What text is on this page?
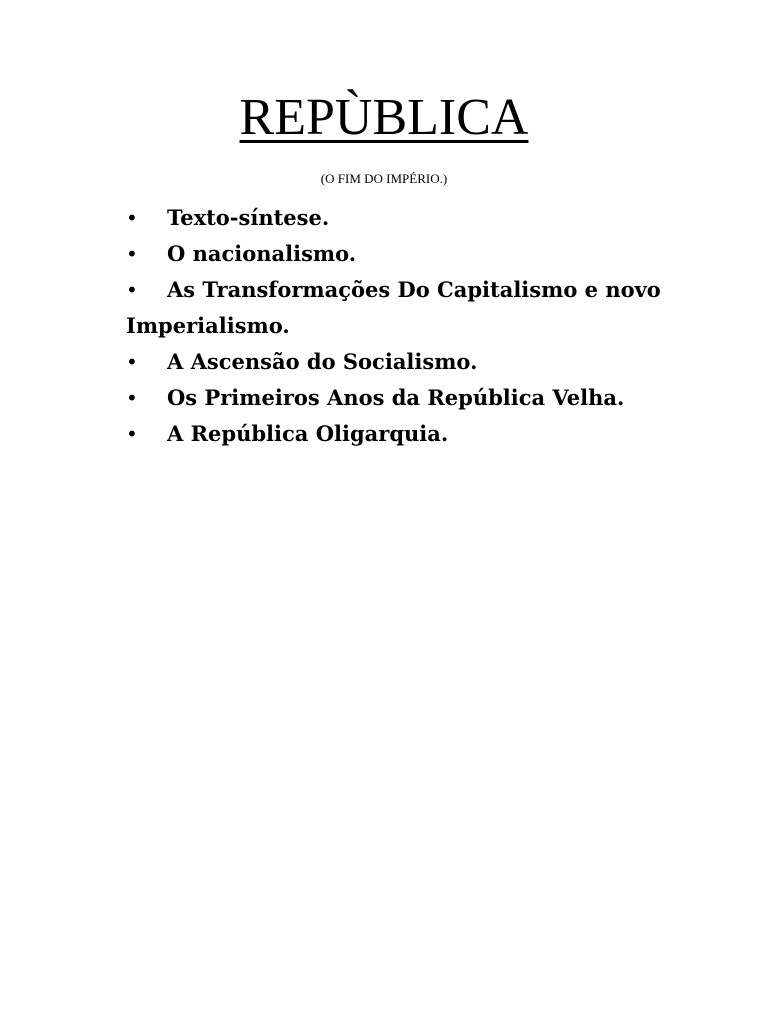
REPÙBLICA

(O FIM DO IMPÉRIO.)

•	Texto-síntese.
•	O nacionalismo.
•	As Transformações Do Capitalismo e novo Imperialismo.
•	A Ascensão do Socialismo.
•	Os Primeiros Anos da República Velha.
•	A República Oligarquia.
